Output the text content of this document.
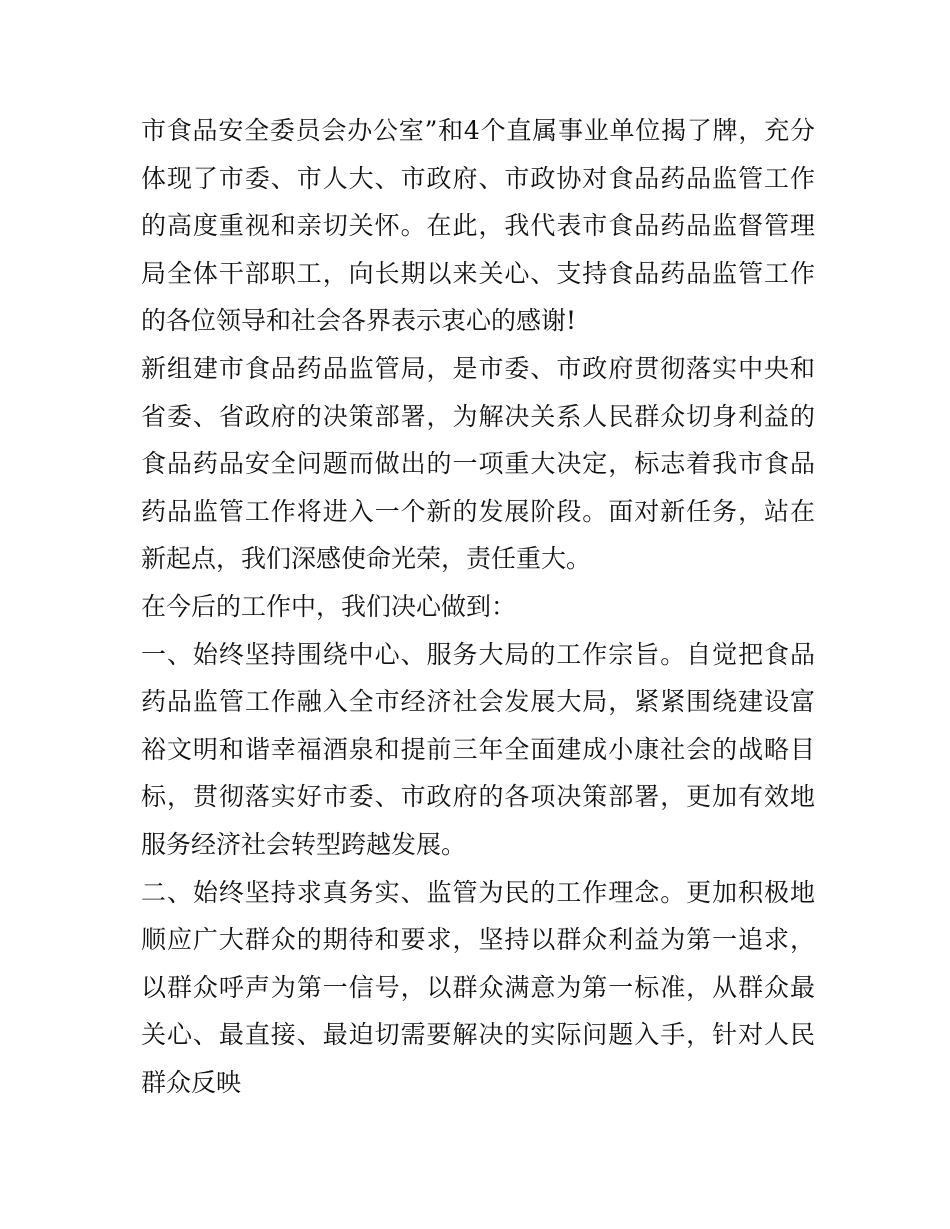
市食品安全委员会办公室”和4个直属事业单位揭了牌，充分体现了市委、市人大、市政府、市政协对食品药品监管工作的高度重视和亲切关怀。在此，我代表市食品药品监督管理局全体干部职工，向长期以来关心、支持食品药品监管工作的各位领导和社会各界表示衷心的感谢!

新组建市食品药品监管局，是市委、市政府贯彻落实中央和省委、省政府的决策部署，为解决关系人民群众切身利益的食品药品安全问题而做出的一项重大决定，标志着我市食品药品监管工作将进入一个新的发展阶段。面对新任务，站在新起点，我们深感使命光荣，责任重大。

在今后的工作中，我们决心做到：

一、始终坚持围绕中心、服务大局的工作宗旨。自觉把食品药品监管工作融入全市经济社会发展大局，紧紧围绕建设富裕文明和谐幸福酒泉和提前三年全面建成小康社会的战略目标，贯彻落实好市委、市政府的各项决策部署，更加有效地服务经济社会转型跨越发展。

二、始终坚持求真务实、监管为民的工作理念。更加积极地顺应广大群众的期待和要求，坚持以群众利益为第一追求，以群众呼声为第一信号，以群众满意为第一标准，从群众最关心、最直接、最迫切需要解决的实际问题入手，针对人民群众反映
